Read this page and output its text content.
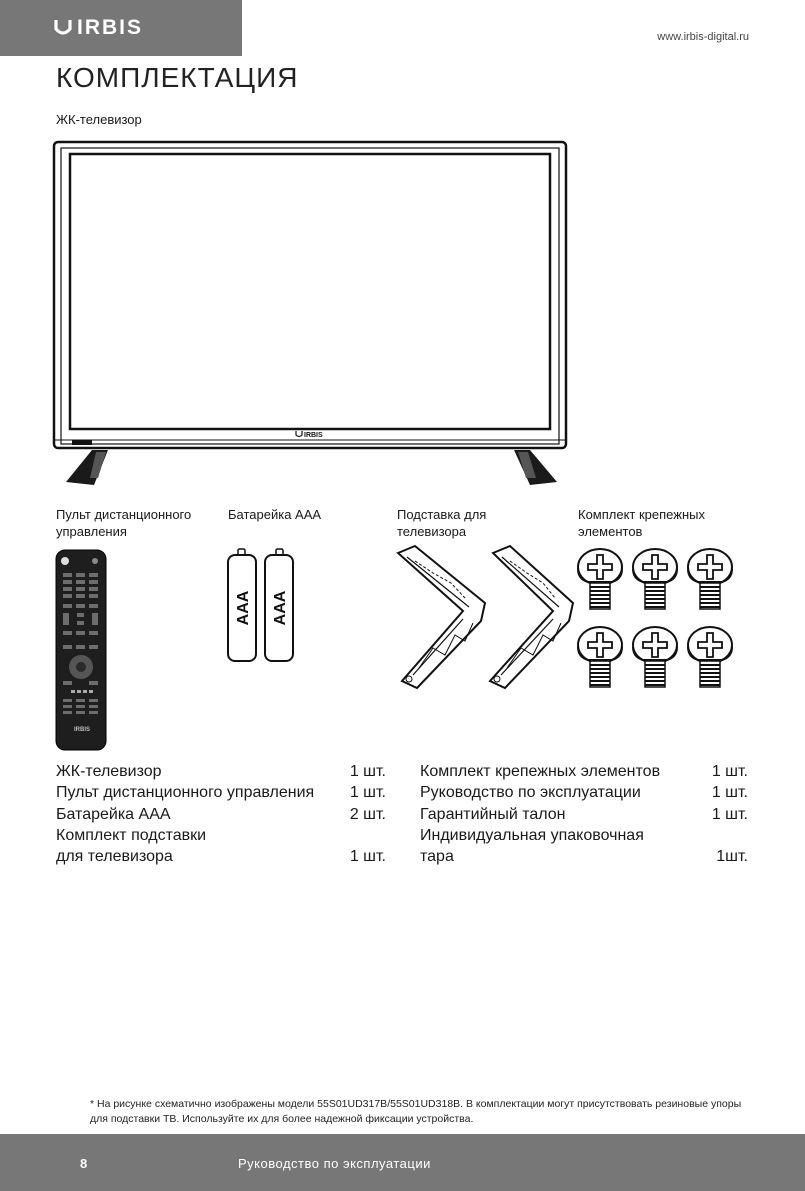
IRBIS	www.irbis-digital.ru
КОМПЛЕКТАЦИЯ
ЖК-телевизор
IRBIS
Пульт дистанционного управления
Батарейка ААА	Подставка для телевизора
Комплект крепежных элементов
IRBIS
AAA AAA
ЖК-телевизор	1 шт.
Пульт дистанционного управления 1 шт.
Батарейка ААА	2 шт.
Комплект подставки
для телевизора	1 шт.
Комплект крепежных элементов	1 шт.
Руководство по эксплуатации	1 шт.
Гарантийный талон	1 шт.
Индивидуальная упаковочная
тара	1шт.
* На рисунке схематично изображены модели 55S01UD317B/55S01UD318B. В комплектации могут присутствовать резиновые упоры для подставки ТВ. Используйте их для более надежной фиксации устройства.
8	Руководство по эксплуатации
